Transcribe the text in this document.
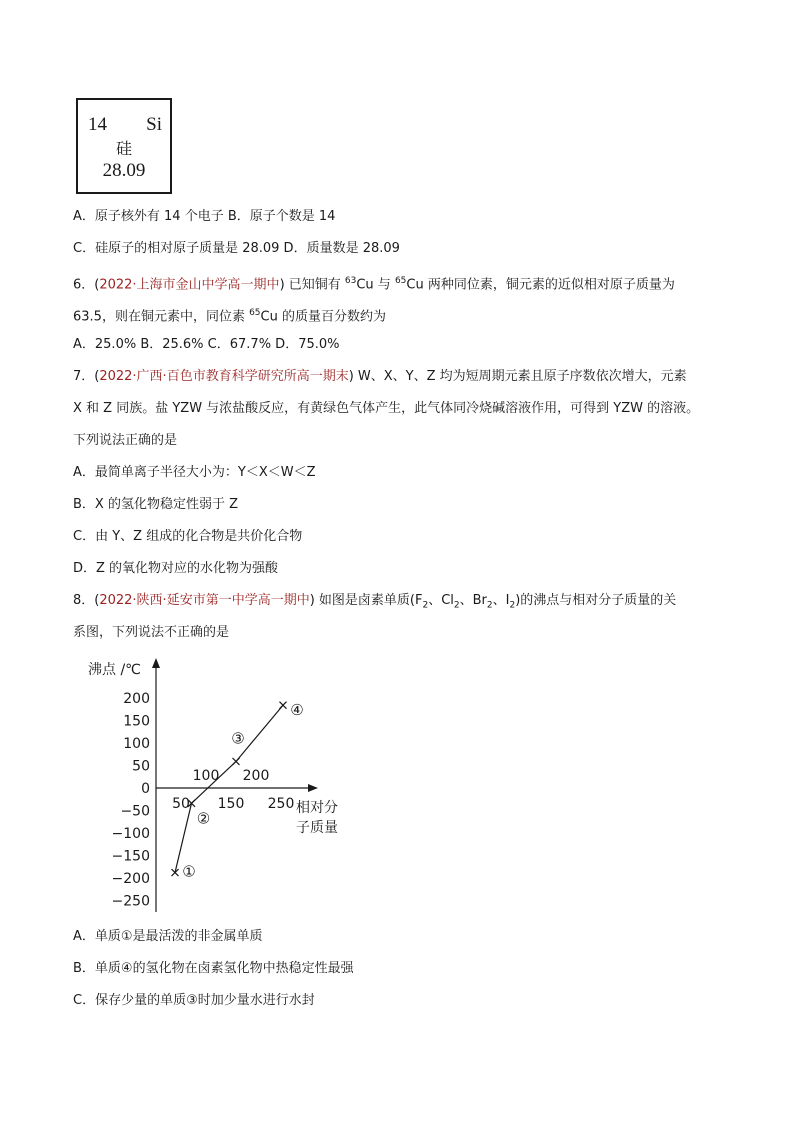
14 Si
硅
28.09
A．原子核外有 14 个电子 B．原子个数是 14
C．硅原子的相对原子质量是 28.09 D．质量数是 28.09
6．(2022·上海市金山中学高一期中) 已知铜有 $^{63}$Cu 与 $^{65}$Cu 两种同位素，铜元素的近似相对原子质量为
63.5，则在铜元素中，同位素 $^{65}$Cu 的质量百分数约为
A．25.0% B．25.6% C．67.7% D．75.0%
7．(2022·广西·百色市教育科学研究所高一期末) W、X、Y、Z 均为短周期元素且原子序数依次增大，元素
X 和 Z 同族。盐 YZW 与浓盐酸反应，有黄绿色气体产生，此气体同冷烧碱溶液作用，可得到 YZW 的溶液。
下列说法正确的是
A．最简单离子半径大小为：Y＜X＜W＜Z
B．X 的氢化物稳定性弱于 Z
C．由 Y、Z 组成的化合物是共价化合物
D．Z 的氧化物对应的水化物为强酸
8．(2022·陕西·延安市第一中学高一期中) 如图是卤素单质($F_2$、$Cl_2$、$Br_2$、$I_2$)的沸点与相对分子质量的关
系图，下列说法不正确的是
沸点 /℃
相对分
子质量
200
150
100
50
0
−50
−100
−150
−200
−250
50 150 250
100 200
①
②
③
④
A．单质①是最活泼的非金属单质
B．单质④的氢化物在卤素氢化物中热稳定性最强
C．保存少量的单质③时加少量水进行水封
